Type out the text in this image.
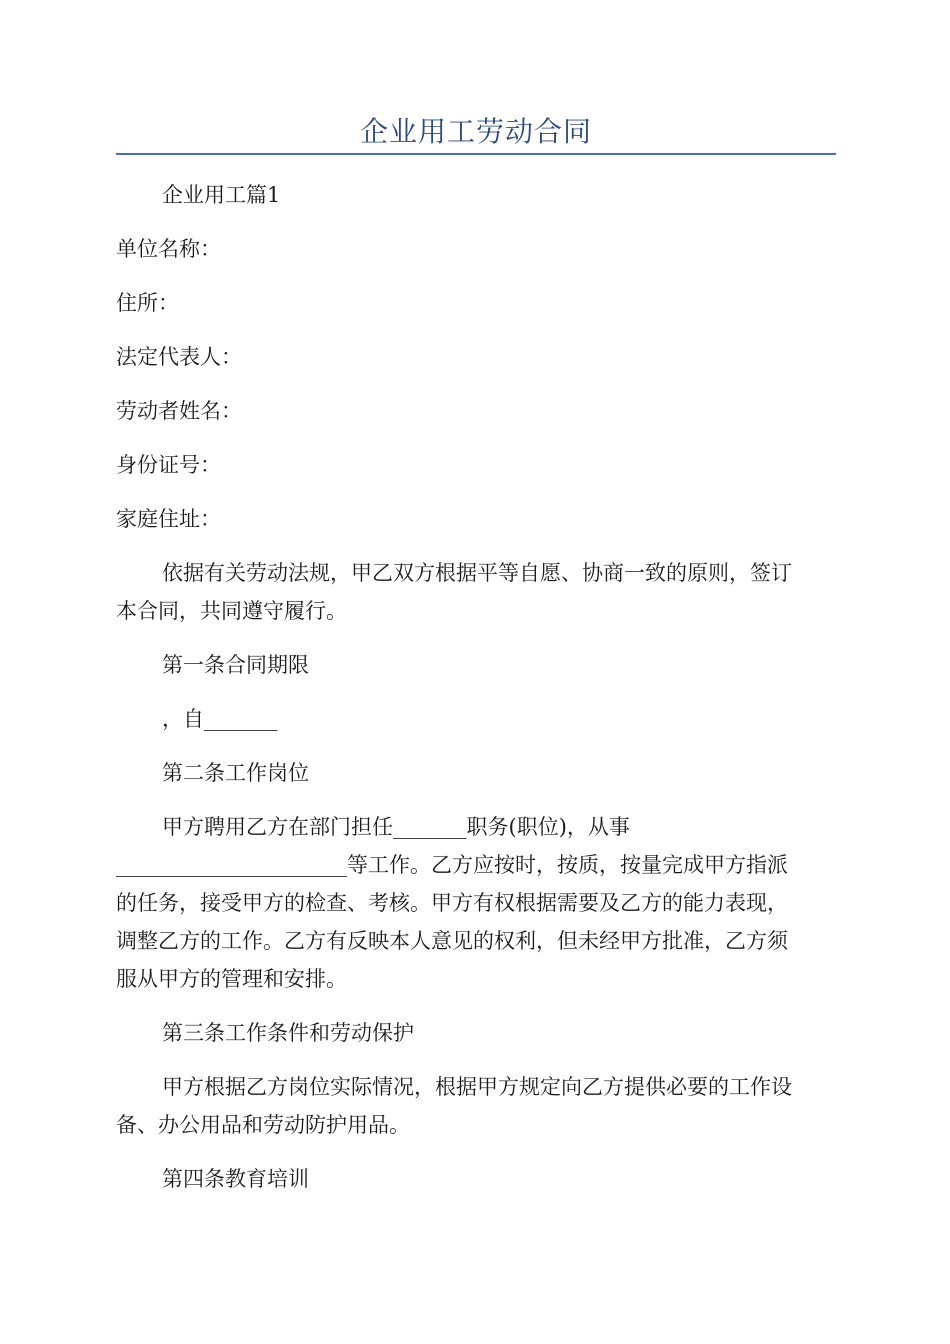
企业用工劳动合同

企业用工篇1

单位名称：

住所：

法定代表人：

劳动者姓名：

身份证号：

家庭住址：

依据有关劳动法规，甲乙双方根据平等自愿、协商一致的原则，签订

本合同，共同遵守履行。

第一条合同期限

，自_______

第二条工作岗位

甲方聘用乙方在部门担任_______职务(职位)，从事

______________________等工作。乙方应按时，按质，按量完成甲方指派

的任务，接受甲方的检查、考核。甲方有权根据需要及乙方的能力表现，

调整乙方的工作。乙方有反映本人意见的权利，但未经甲方批准，乙方须

服从甲方的管理和安排。

第三条工作条件和劳动保护

甲方根据乙方岗位实际情况，根据甲方规定向乙方提供必要的工作设

备、办公用品和劳动防护用品。

第四条教育培训
